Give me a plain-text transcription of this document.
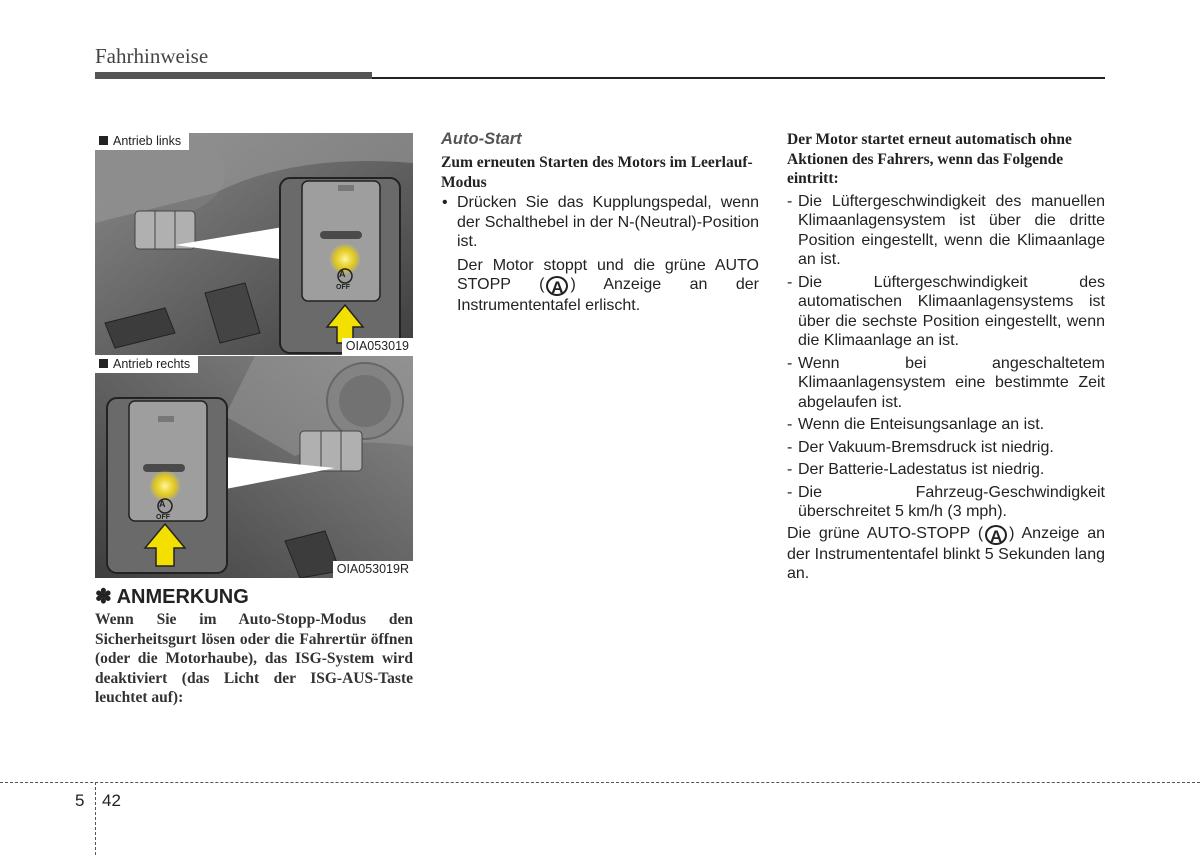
Fahrhinweise
Antrieb links
OIA053019
A
OFF
Antrieb rechts
OIA053019R
A
OFF
✽ ANMERKUNG
Wenn Sie im Auto-Stopp-Modus den Sicherheitsgurt lösen oder die Fahrertür öffnen (oder die Motorhaube), das ISG-System wird deaktiviert (das Licht der ISG-AUS-Taste leuchtet auf):
Auto-Start
Zum erneuten Starten des Motors im Leerlauf-Modus
• Drücken Sie das Kupplungspedal, wenn der Schalthebel in der N-(Neutral)-Position ist.
Der Motor stoppt und die grüne AUTO STOPP ( A ) Anzeige an der Instrumententafel erlischt.
Der Motor startet erneut automatisch ohne Aktionen des Fahrers, wenn das Folgende eintritt:
- Die Lüftergeschwindigkeit des manuellen Klimaanlagensystem ist über die dritte Position eingestellt, wenn die Klimaanlage an ist.
- Die Lüftergeschwindigkeit des automatischen Klimaanlagensystems ist über die sechste Position eingestellt, wenn die Klimaanlage an ist.
- Wenn bei angeschaltetem Klimaanlagensystem eine bestimmte Zeit abgelaufen ist.
- Wenn die Enteisungsanlage an ist.
- Der Vakuum-Bremsdruck ist niedrig.
- Der Batterie-Ladestatus ist niedrig.
- Die Fahrzeug-Geschwindigkeit überschreitet 5 km/h (3 mph).
Die grüne AUTO-STOPP ( A ) Anzeige an der Instrumententafel blinkt 5 Sekunden lang an.
5 42
